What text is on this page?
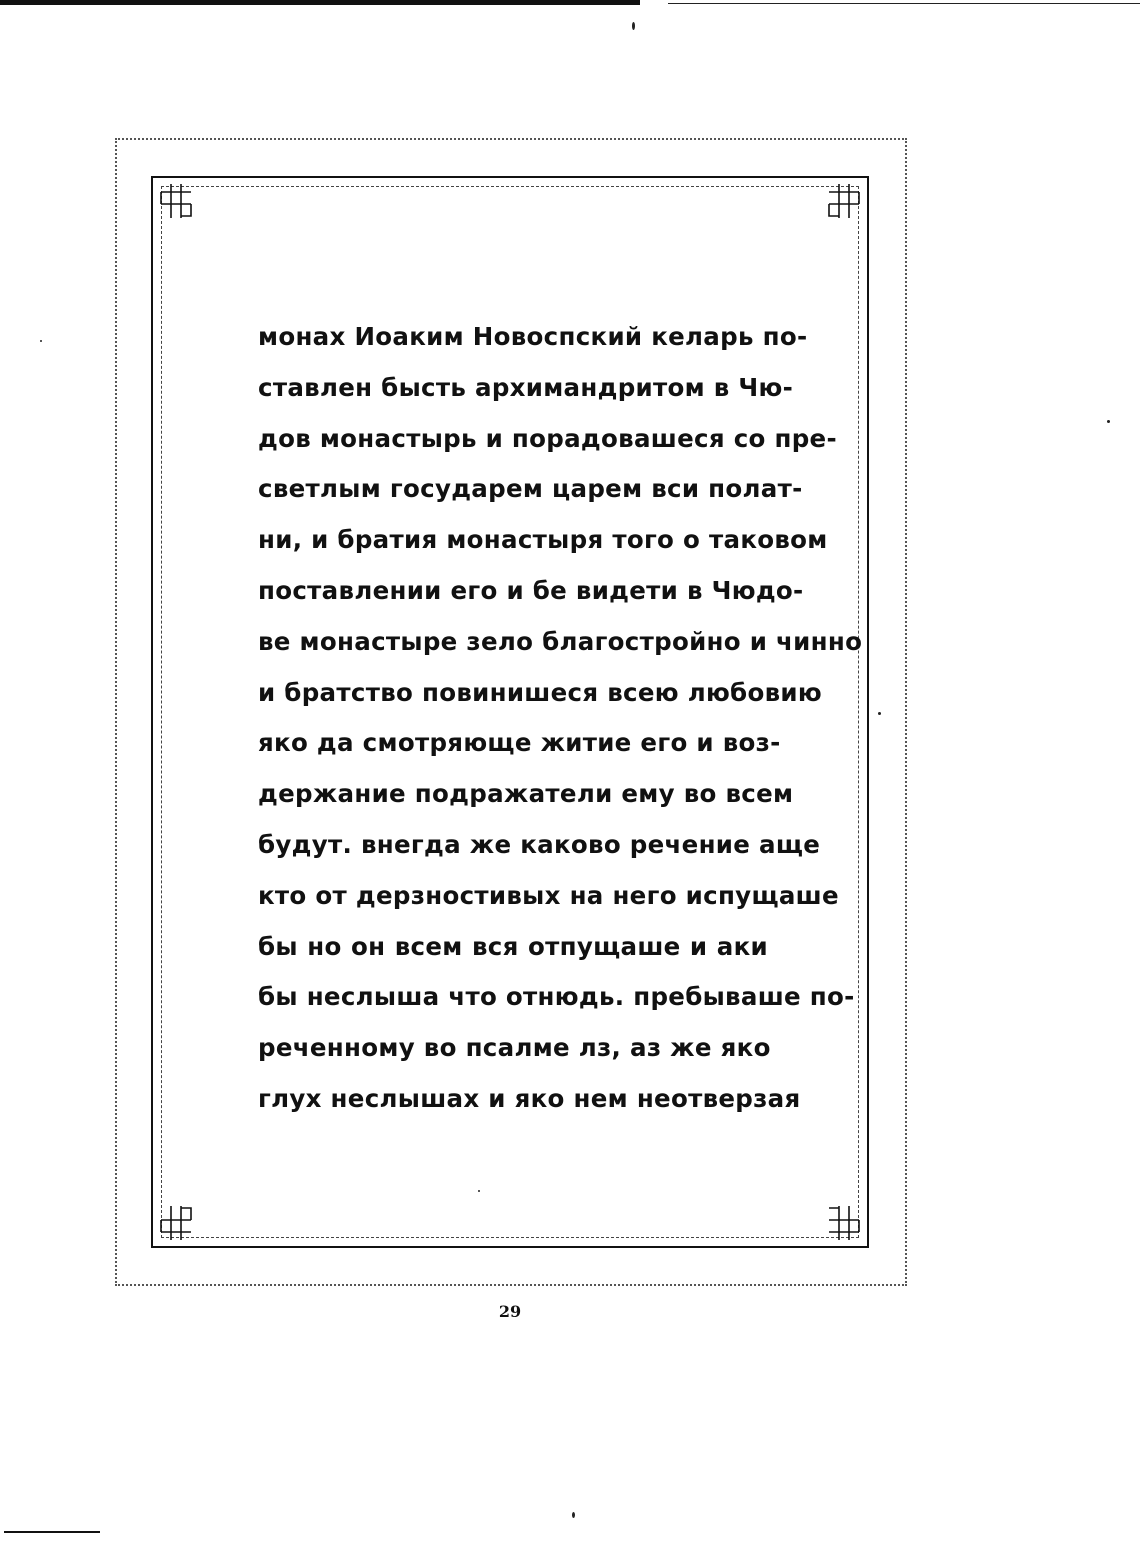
монах Иоаким Новоспский келарь по-
ставлен бысть архимандритом в Чю-
дов монастырь и порадовашеся со пре-
светлым государем царем вси полат-
ни, и братия монастыря того о таковом
поставлении его и бе видети в Чюдо-
ве монастыре зело благостройно и чинно
и братство повинишеся всею любовию
яко да смотряюще житие его и воз-
держание подражатели ему во всем
будут. внегда же каково речение аще
кто от дерзностивых на него испущаше
бы но он всем вся отпущаше и аки
бы неслыша что отнюдь. пребываше по-
реченному во псалме лз, аз же яко
глух неслышах и яко нем неотверзая
29
